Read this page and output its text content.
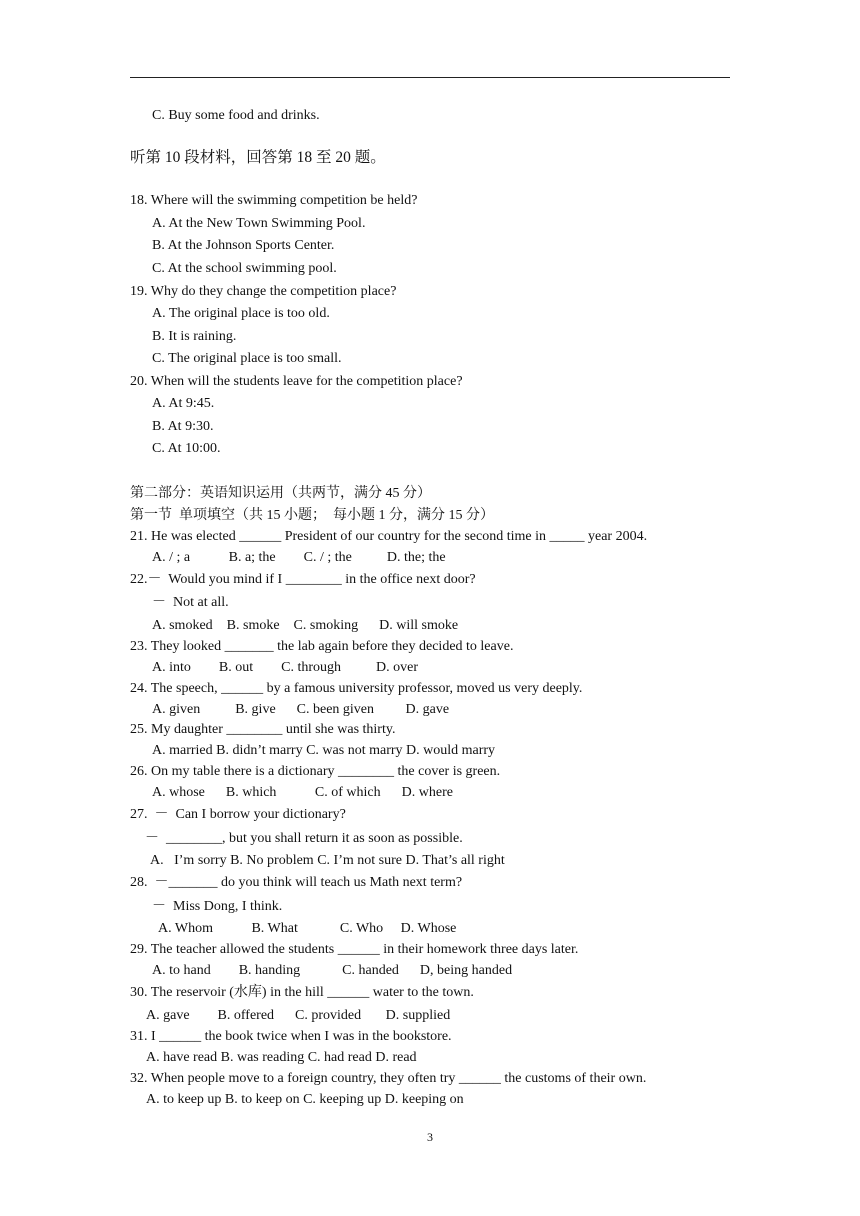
C. Buy some food and drinks.
听第 10 段材料，回答第 18 至 20 题。
18. Where will the swimming competition be held?
A. At the New Town Swimming Pool.
B. At the Johnson Sports Center.
C. At the school swimming pool.
19. Why do they change the competition place?
A. The original place is too old.
B. It is raining.
C. The original place is too small.
20. When will the students leave for the competition place?
A. At 9:45.
B. At 9:30.
C. At 10:00.
第二部分：英语知识运用（共两节，满分 45 分）
第一节  单项填空（共 15 小题；  每小题 1 分，满分 15 分）
21. He was elected ______ President of our country for the second time in _____ year 2004.
A. / ; a           B. a; the        C. / ; the          D. the; the
22.－  Would you mind if I ________ in the office next door?
－  Not at all.
A. smoked    B. smoke    C. smoking      D. will smoke
23. They looked _______ the lab again before they decided to leave.
A. into        B. out        C. through          D. over
24. The speech, ______ by a famous university professor, moved us very deeply.
A. given          B. give      C. been given         D. gave
25. My daughter ________ until she was thirty.
A. married B. didn’t marry C. was not marry D. would marry
26. On my table there is a dictionary ________ the cover is green.
A. whose      B. which           C. of which      D. where
27.  －  Can I borrow your dictionary?
－  ________, but you shall return it as soon as possible.
A.   I’m sorry B. No problem C. I’m not sure D. That’s all right
28.  －_______ do you think will teach us Math next term?
－  Miss Dong, I think.
A. Whom           B. What            C. Who     D. Whose
29. The teacher allowed the students ______ in their homework three days later.
A. to hand        B. handing            C. handed      D, being handed
30. The reservoir (水库) in the hill ______ water to the town.
A. gave        B. offered      C. provided       D. supplied
31. I ______ the book twice when I was in the bookstore.
A. have read B. was reading C. had read D. read
32. When people move to a foreign country, they often try ______ the customs of their own.
A. to keep up B. to keep on C. keeping up D. keeping on
3
